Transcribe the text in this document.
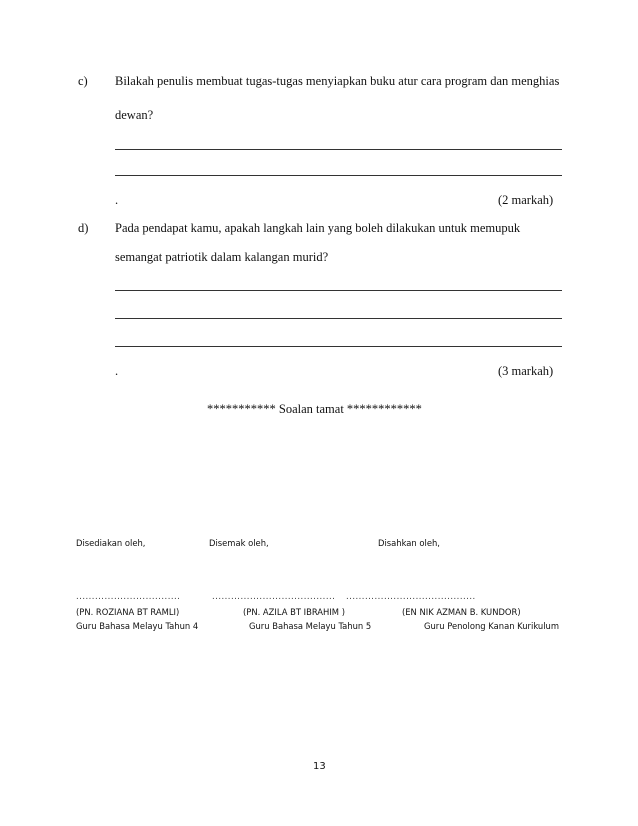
c) Bilakah penulis membuat tugas-tugas menyiapkan buku atur cara program dan menghias
dewan?
.	(2 markah)
d) Pada pendapat kamu, apakah langkah lain yang boleh dilakukan untuk memupuk
semangat patriotik dalam kalangan murid?
.	(3 markah)
*********** Soalan tamat ************
Disediakan oleh,	Disemak oleh,	Disahkan oleh,
.................................	....................................... .........................................
(PN. ROZIANA BT RAMLI)	(PN. AZILA BT IBRAHIM )	(EN NIK AZMAN B. KUNDOR)
Guru Bahasa Melayu Tahun 4	Guru Bahasa Melayu Tahun 5	Guru Penolong Kanan Kurikulum
13
